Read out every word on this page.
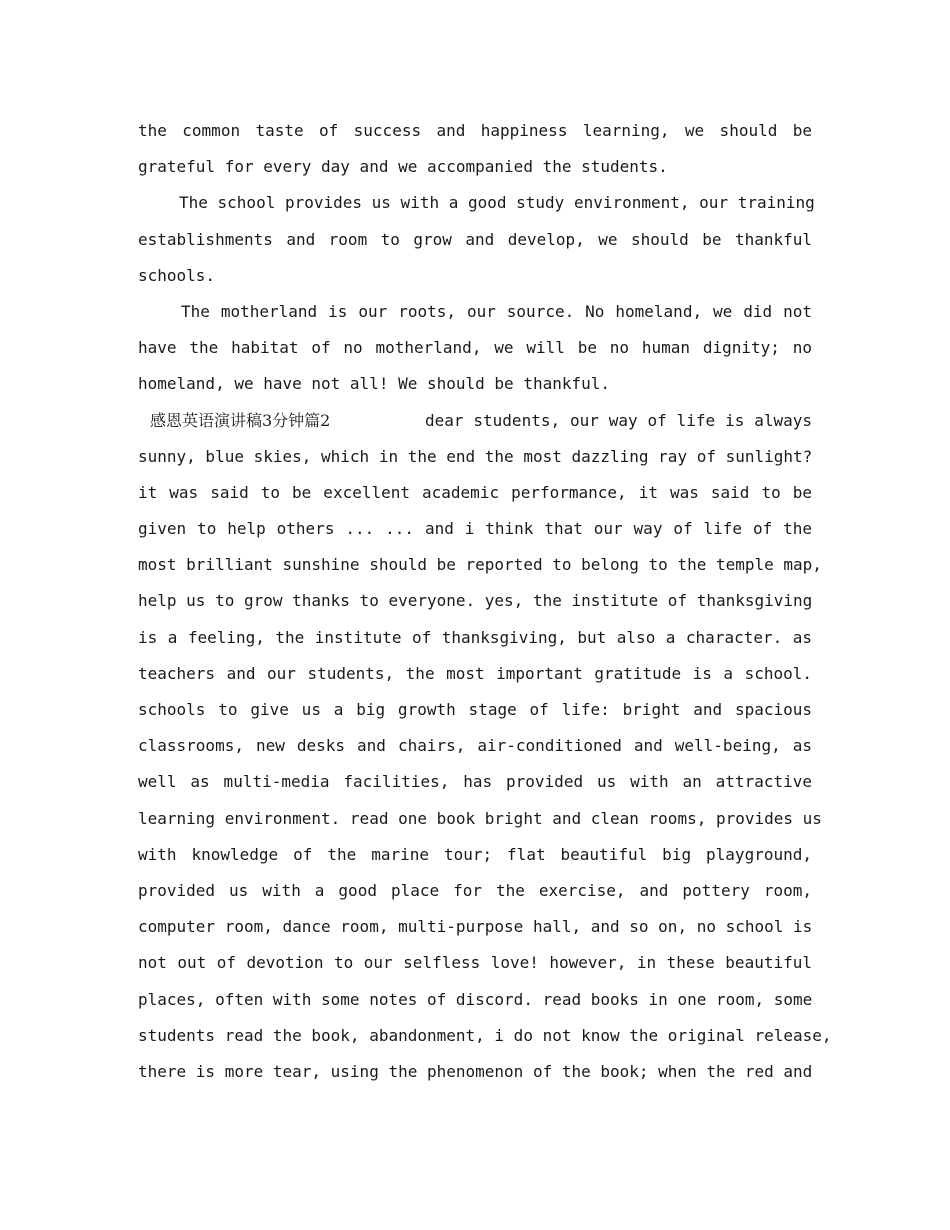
the common taste of success and happiness learning, we should be
grateful for every day and we accompanied the students.
The school provides us with a good study environment, our training
establishments and room to grow and develop, we should be thankful
schools.
The motherland is our roots, our source. No homeland, we did not
have the habitat of no motherland, we will be no human dignity; no
homeland, we have not all! We should be thankful.
感恩英语演讲稿3分钟篇2	dear students, our way of life is always
sunny, blue skies, which in the end the most dazzling ray of sunlight?
it was said to be excellent academic performance, it was said to be
given to help others ... ... and i think that our way of life of the
most brilliant sunshine should be reported to belong to the temple map,
help us to grow thanks to everyone. yes, the institute of thanksgiving
is a feeling, the institute of thanksgiving, but also a character. as
teachers and our students, the most important gratitude is a school.
schools to give us a big growth stage of life: bright and spacious
classrooms, new desks and chairs, air-conditioned and well-being, as
well as multi-media facilities, has provided us with an attractive
learning environment. read one book bright and clean rooms, provides us
with knowledge of the marine tour; flat beautiful big playground,
provided us with a good place for the exercise, and pottery room,
computer room, dance room, multi-purpose hall, and so on, no school is
not out of devotion to our selfless love! however, in these beautiful
places, often with some notes of discord. read books in one room, some
students read the book, abandonment, i do not know the original release,
there is more tear, using the phenomenon of the book; when the red and
